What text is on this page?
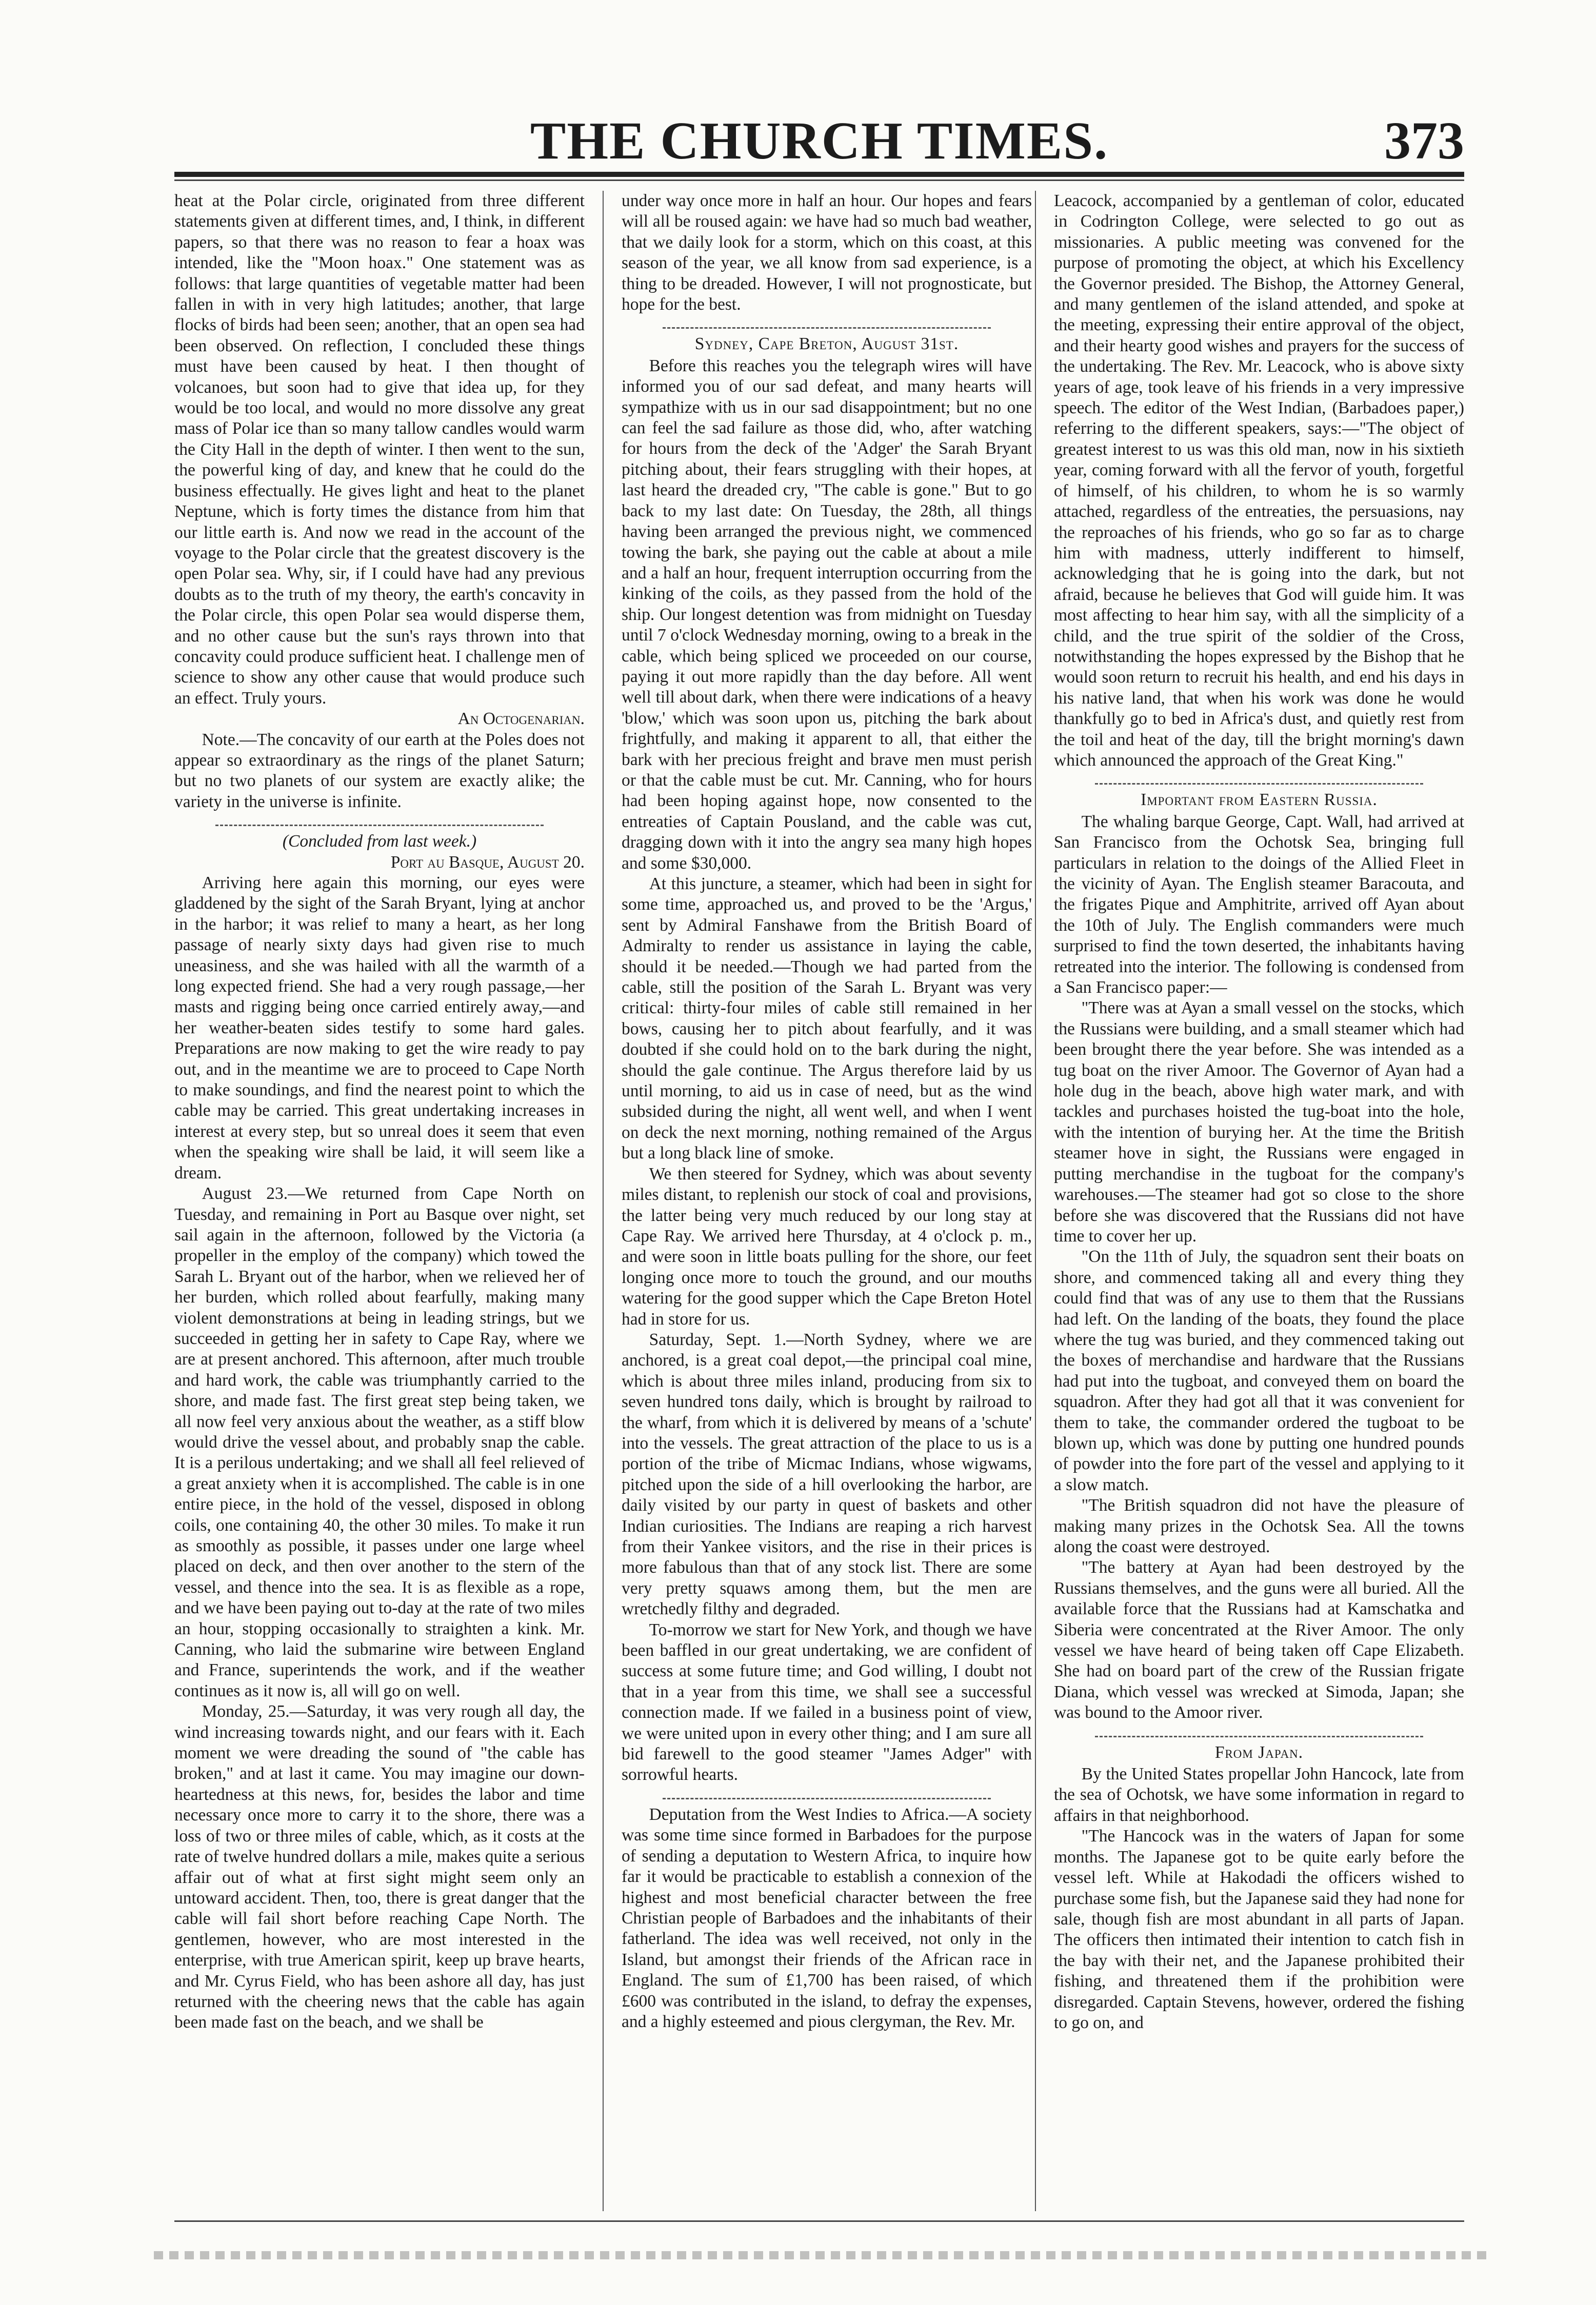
THE CHURCH TIMES.	373

heat at the Polar circle, originated from three different statements given at different times, and, I think, in different papers, so that there was no reason to fear a hoax was intended, like the "Moon hoax." One statement was as follows: that large quantities of vegetable matter had been fallen in with in very high latitudes; another, that large flocks of birds had been seen; another, that an open sea had been observed. On reflection, I concluded these things must have been caused by heat. I then thought of volcanoes, but soon had to give that idea up, for they would be too local, and would no more dissolve any great mass of Polar ice than so many tallow candles would warm the City Hall in the depth of winter. I then went to the sun, the powerful king of day, and knew that he could do the business effectually. He gives light and heat to the planet Neptune, which is forty times the distance from him that our little earth is. And now we read in the account of the voyage to the Polar circle that the greatest discovery is the open Polar sea. Why, sir, if I could have had any previous doubts as to the truth of my theory, the earth's concavity in the Polar circle, this open Polar sea would disperse them, and no other cause but the sun's rays thrown into that concavity could produce sufficient heat. I challenge men of science to show any other cause that would produce such an effect. Truly yours.

An Octogenarian.

Note.—The concavity of our earth at the Poles does not appear so extraordinary as the rings of the planet Saturn; but no two planets of our system are exactly alike; the variety in the universe is infinite.

(Concluded from last week.)

Port au Basque, August 20.

Arriving here again this morning, our eyes were gladdened by the sight of the Sarah Bryant, lying at anchor in the harbor; it was relief to many a heart, as her long passage of nearly sixty days had given rise to much uneasiness, and she was hailed with all the warmth of a long expected friend. She had a very rough passage,—her masts and rigging being once carried entirely away,—and her weather-beaten sides testify to some hard gales. Preparations are now making to get the wire ready to pay out, and in the meantime we are to proceed to Cape North to make soundings, and find the nearest point to which the cable may be carried. This great undertaking increases in interest at every step, but so unreal does it seem that even when the speaking wire shall be laid, it will seem like a dream.

August 23.—We returned from Cape North on Tuesday, and remaining in Port au Basque over night, set sail again in the afternoon, followed by the Victoria (a propeller in the employ of the company) which towed the Sarah L. Bryant out of the harbor, when we relieved her of her burden, which rolled about fearfully, making many violent demonstrations at being in leading strings, but we succeeded in getting her in safety to Cape Ray, where we are at present anchored. This afternoon, after much trouble and hard work, the cable was triumphantly carried to the shore, and made fast. The first great step being taken, we all now feel very anxious about the weather, as a stiff blow would drive the vessel about, and probably snap the cable. It is a perilous undertaking; and we shall all feel relieved of a great anxiety when it is accomplished. The cable is in one entire piece, in the hold of the vessel, disposed in oblong coils, one containing 40, the other 30 miles. To make it run as smoothly as possible, it passes under one large wheel placed on deck, and then over another to the stern of the vessel, and thence into the sea. It is as flexible as a rope, and we have been paying out to-day at the rate of two miles an hour, stopping occasionally to straighten a kink. Mr. Canning, who laid the submarine wire between England and France, superintends the work, and if the weather continues as it now is, all will go on well.

Monday, 25.—Saturday, it was very rough all day, the wind increasing towards night, and our fears with it. Each moment we were dreading the sound of "the cable has broken," and at last it came. You may imagine our down-heartedness at this news, for, besides the labor and time necessary once more to carry it to the shore, there was a loss of two or three miles of cable, which, as it costs at the rate of twelve hundred dollars a mile, makes quite a serious affair out of what at first sight might seem only an untoward accident. Then, too, there is great danger that the cable will fail short before reaching Cape North. The gentlemen, however, who are most interested in the enterprise, with true American spirit, keep up brave hearts, and Mr. Cyrus Field, who has been ashore all day, has just returned with the cheering news that the cable has again been made fast on the beach, and we shall be

under way once more in half an hour. Our hopes and fears will all be roused again: we have had so much bad weather, that we daily look for a storm, which on this coast, at this season of the year, we all know from sad experience, is a thing to be dreaded. However, I will not prognosticate, but hope for the best.

Sydney, Cape Breton, August 31st.

Before this reaches you the telegraph wires will have informed you of our sad defeat, and many hearts will sympathize with us in our sad disappointment; but no one can feel the sad failure as those did, who, after watching for hours from the deck of the 'Adger' the Sarah Bryant pitching about, their fears struggling with their hopes, at last heard the dreaded cry, "The cable is gone." But to go back to my last date: On Tuesday, the 28th, all things having been arranged the previous night, we commenced towing the bark, she paying out the cable at about a mile and a half an hour, frequent interruption occurring from the kinking of the coils, as they passed from the hold of the ship. Our longest detention was from midnight on Tuesday until 7 o'clock Wednesday morning, owing to a break in the cable, which being spliced we proceeded on our course, paying it out more rapidly than the day before. All went well till about dark, when there were indications of a heavy 'blow,' which was soon upon us, pitching the bark about frightfully, and making it apparent to all, that either the bark with her precious freight and brave men must perish or that the cable must be cut. Mr. Canning, who for hours had been hoping against hope, now consented to the entreaties of Captain Pousland, and the cable was cut, dragging down with it into the angry sea many high hopes and some $30,000.

At this juncture, a steamer, which had been in sight for some time, approached us, and proved to be the 'Argus,' sent by Admiral Fanshawe from the British Board of Admiralty to render us assistance in laying the cable, should it be needed.—Though we had parted from the cable, still the position of the Sarah L. Bryant was very critical: thirty-four miles of cable still remained in her bows, causing her to pitch about fearfully, and it was doubted if she could hold on to the bark during the night, should the gale continue. The Argus therefore laid by us until morning, to aid us in case of need, but as the wind subsided during the night, all went well, and when I went on deck the next morning, nothing remained of the Argus but a long black line of smoke.

We then steered for Sydney, which was about seventy miles distant, to replenish our stock of coal and provisions, the latter being very much reduced by our long stay at Cape Ray. We arrived here Thursday, at 4 o'clock p. m., and were soon in little boats pulling for the shore, our feet longing once more to touch the ground, and our mouths watering for the good supper which the Cape Breton Hotel had in store for us.

Saturday, Sept. 1.—North Sydney, where we are anchored, is a great coal depot,—the principal coal mine, which is about three miles inland, producing from six to seven hundred tons daily, which is brought by railroad to the wharf, from which it is delivered by means of a 'schute' into the vessels. The great attraction of the place to us is a portion of the tribe of Micmac Indians, whose wigwams, pitched upon the side of a hill overlooking the harbor, are daily visited by our party in quest of baskets and other Indian curiosities. The Indians are reaping a rich harvest from their Yankee visitors, and the rise in their prices is more fabulous than that of any stock list. There are some very pretty squaws among them, but the men are wretchedly filthy and degraded.

To-morrow we start for New York, and though we have been baffled in our great undertaking, we are confident of success at some future time; and God willing, I doubt not that in a year from this time, we shall see a successful connection made. If we failed in a business point of view, we were united upon in every other thing; and I am sure all bid farewell to the good steamer "James Adger" with sorrowful hearts.

Deputation from the West Indies to Africa.—A society was some time since formed in Barbadoes for the purpose of sending a deputation to Western Africa, to inquire how far it would be practicable to establish a connexion of the highest and most beneficial character between the free Christian people of Barbadoes and the inhabitants of their fatherland. The idea was well received, not only in the Island, but amongst their friends of the African race in England. The sum of £1,700 has been raised, of which £600 was contributed in the island, to defray the expenses, and a highly esteemed and pious clergyman, the Rev. Mr.

Leacock, accompanied by a gentleman of color, educated in Codrington College, were selected to go out as missionaries. A public meeting was convened for the purpose of promoting the object, at which his Excellency the Governor presided. The Bishop, the Attorney General, and many gentlemen of the island attended, and spoke at the meeting, expressing their entire approval of the object, and their hearty good wishes and prayers for the success of the undertaking. The Rev. Mr. Leacock, who is above sixty years of age, took leave of his friends in a very impressive speech. The editor of the West Indian, (Barbadoes paper,) referring to the different speakers, says:—"The object of greatest interest to us was this old man, now in his sixtieth year, coming forward with all the fervor of youth, forgetful of himself, of his children, to whom he is so warmly attached, regardless of the entreaties, the persuasions, nay the reproaches of his friends, who go so far as to charge him with madness, utterly indifferent to himself, acknowledging that he is going into the dark, but not afraid, because he believes that God will guide him. It was most affecting to hear him say, with all the simplicity of a child, and the true spirit of the soldier of the Cross, notwithstanding the hopes expressed by the Bishop that he would soon return to recruit his health, and end his days in his native land, that when his work was done he would thankfully go to bed in Africa's dust, and quietly rest from the toil and heat of the day, till the bright morning's dawn which announced the approach of the Great King."

Important from Eastern Russia.

The whaling barque George, Capt. Wall, had arrived at San Francisco from the Ochotsk Sea, bringing full particulars in relation to the doings of the Allied Fleet in the vicinity of Ayan. The English steamer Baracouta, and the frigates Pique and Amphitrite, arrived off Ayan about the 10th of July. The English commanders were much surprised to find the town deserted, the inhabitants having retreated into the interior. The following is condensed from a San Francisco paper:—

"There was at Ayan a small vessel on the stocks, which the Russians were building, and a small steamer which had been brought there the year before. She was intended as a tug boat on the river Amoor. The Governor of Ayan had a hole dug in the beach, above high water mark, and with tackles and purchases hoisted the tug-boat into the hole, with the intention of burying her. At the time the British steamer hove in sight, the Russians were engaged in putting merchandise in the tugboat for the company's warehouses.—The steamer had got so close to the shore before she was discovered that the Russians did not have time to cover her up.

"On the 11th of July, the squadron sent their boats on shore, and commenced taking all and every thing they could find that was of any use to them that the Russians had left. On the landing of the boats, they found the place where the tug was buried, and they commenced taking out the boxes of merchandise and hardware that the Russians had put into the tugboat, and conveyed them on board the squadron. After they had got all that it was convenient for them to take, the commander ordered the tugboat to be blown up, which was done by putting one hundred pounds of powder into the fore part of the vessel and applying to it a slow match.

"The British squadron did not have the pleasure of making many prizes in the Ochotsk Sea. All the towns along the coast were destroyed.

"The battery at Ayan had been destroyed by the Russians themselves, and the guns were all buried. All the available force that the Russians had at Kamschatka and Siberia were concentrated at the River Amoor. The only vessel we have heard of being taken off Cape Elizabeth. She had on board part of the crew of the Russian frigate Diana, which vessel was wrecked at Simoda, Japan; she was bound to the Amoor river.

From Japan.

By the United States propellar John Hancock, late from the sea of Ochotsk, we have some information in regard to affairs in that neighborhood.

"The Hancock was in the waters of Japan for some months. The Japanese got to be quite early before the vessel left. While at Hakodadi the officers wished to purchase some fish, but the Japanese said they had none for sale, though fish are most abundant in all parts of Japan. The officers then intimated their intention to catch fish in the bay with their net, and the Japanese prohibited their fishing, and threatened them if the prohibition were disregarded. Captain Stevens, however, ordered the fishing to go on, and
